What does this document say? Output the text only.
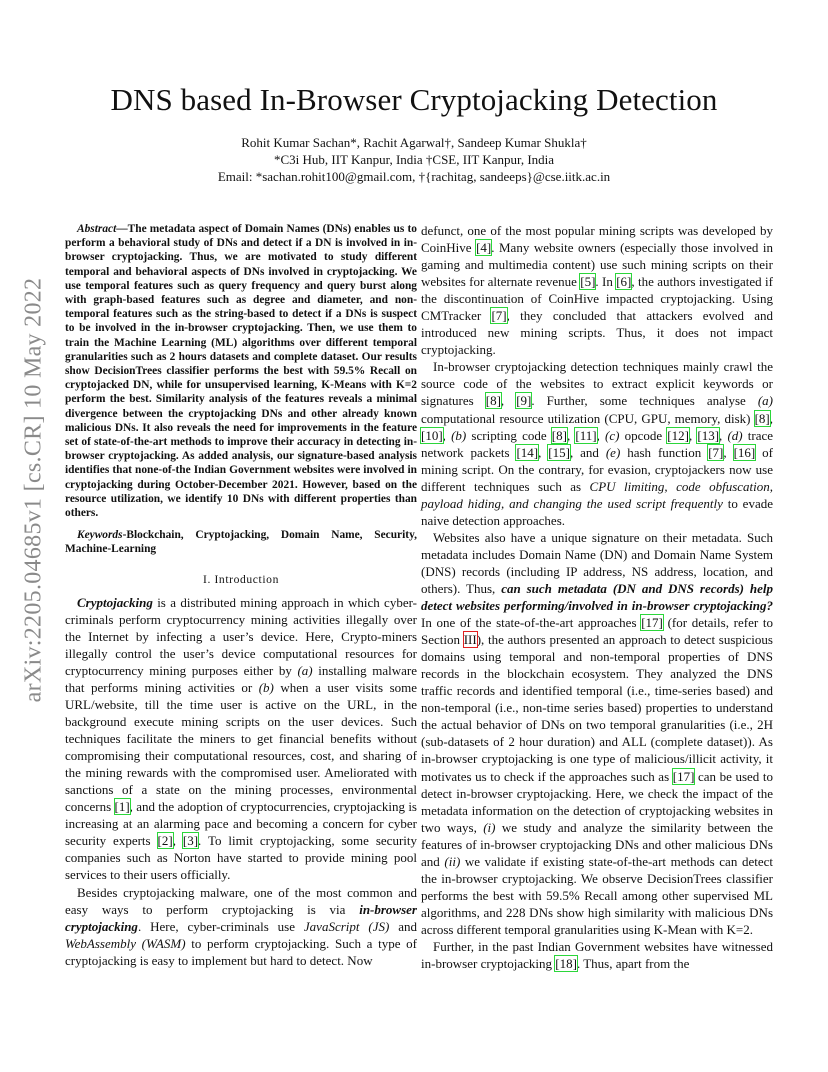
arXiv:2205.04685v1 [cs.CR] 10 May 2022
DNS based In-Browser Cryptojacking Detection
Rohit Kumar Sachan*, Rachit Agarwal†, Sandeep Kumar Shukla†
*C3i Hub, IIT Kanpur, India †CSE, IIT Kanpur, India
Email: *sachan.rohit100@gmail.com, †{rachitag, sandeeps}@cse.iitk.ac.in

Abstract—The metadata aspect of Domain Names (DNs) enables us to perform a behavioral study of DNs and detect if a DN is involved in in-browser cryptojacking. Thus, we are motivated to study different temporal and behavioral aspects of DNs involved in cryptojacking. We use temporal features such as query frequency and query burst along with graph-based features such as degree and diameter, and non-temporal features such as the string-based to detect if a DNs is suspect to be involved in the in-browser cryptojacking. Then, we use them to train the Machine Learning (ML) algorithms over different temporal granularities such as 2 hours datasets and complete dataset. Our results show DecisionTrees classifier performs the best with 59.5% Recall on cryptojacked DN, while for unsupervised learning, K-Means with K=2 perform the best. Similarity analysis of the features reveals a minimal divergence between the cryptojacking DNs and other already known malicious DNs. It also reveals the need for improvements in the feature set of state-of-the-art methods to improve their accuracy in detecting in-browser cryptojacking. As added analysis, our signature-based analysis identifies that none-of-the Indian Government websites were involved in cryptojacking during October-December 2021. However, based on the resource utilization, we identify 10 DNs with different properties than others.

Keywords-Blockchain, Cryptojacking, Domain Name, Security, Machine-Learning

I. Introduction

Cryptojacking is a distributed mining approach in which cyber-criminals perform cryptocurrency mining activities illegally over the Internet by infecting a user’s device. Here, Crypto-miners illegally control the user’s device computational resources for cryptocurrency mining purposes either by (a) installing malware that performs mining activities or (b) when a user visits some URL/website, till the time user is active on the URL, in the background execute mining scripts on the user devices. Such techniques facilitate the miners to get financial benefits without compromising their computational resources, cost, and sharing of the mining rewards with the compromised user. Ameliorated with sanctions of a state on the mining processes, environmental concerns [1], and the adoption of cryptocurrencies, cryptojacking is increasing at an alarming pace and becoming a concern for cyber security experts [2], [3]. To limit cryptojacking, some security companies such as Norton have started to provide mining pool services to their users officially.

Besides cryptojacking malware, one of the most common and easy ways to perform cryptojacking is via in-browser cryptojacking. Here, cyber-criminals use JavaScript (JS) and WebAssembly (WASM) to perform cryptojacking. Such a type of cryptojacking is easy to implement but hard to detect. Now

defunct, one of the most popular mining scripts was developed by CoinHive [4]. Many website owners (especially those involved in gaming and multimedia content) use such mining scripts on their websites for alternate revenue [5]. In [6], the authors investigated if the discontinuation of CoinHive impacted cryptojacking. Using CMTracker [7], they concluded that attackers evolved and introduced new mining scripts. Thus, it does not impact cryptojacking.

In-browser cryptojacking detection techniques mainly crawl the source code of the websites to extract explicit keywords or signatures [8], [9]. Further, some techniques analyse (a) computational resource utilization (CPU, GPU, memory, disk) [8], [10], (b) scripting code [8], [11], (c) opcode [12], [13], (d) trace network packets [14], [15], and (e) hash function [7], [16] of mining script. On the contrary, for evasion, cryptojackers now use different techniques such as CPU limiting, code obfuscation, payload hiding, and changing the used script frequently to evade naive detection approaches.

Websites also have a unique signature on their metadata. Such metadata includes Domain Name (DN) and Domain Name System (DNS) records (including IP address, NS address, location, and others). Thus, can such metadata (DN and DNS records) help detect websites performing/involved in in-browser cryptojacking? In one of the state-of-the-art approaches [17] (for details, refer to Section III), the authors presented an approach to detect suspicious domains using temporal and non-temporal properties of DNS records in the blockchain ecosystem. They analyzed the DNS traffic records and identified temporal (i.e., time-series based) and non-temporal (i.e., non-time series based) properties to understand the actual behavior of DNs on two temporal granularities (i.e., 2H (sub-datasets of 2 hour duration) and ALL (complete dataset)). As in-browser cryptojacking is one type of malicious/illicit activity, it motivates us to check if the approaches such as [17] can be used to detect in-browser cryptojacking. Here, we check the impact of the metadata information on the detection of cryptojacking websites in two ways, (i) we study and analyze the similarity between the features of in-browser cryptojacking DNs and other malicious DNs and (ii) we validate if existing state-of-the-art methods can detect the in-browser cryptojacking. We observe DecisionTrees classifier performs the best with 59.5% Recall among other supervised ML algorithms, and 228 DNs show high similarity with malicious DNs across different temporal granularities using K-Mean with K=2.

Further, in the past Indian Government websites have witnessed in-browser cryptojacking [18]. Thus, apart from the
